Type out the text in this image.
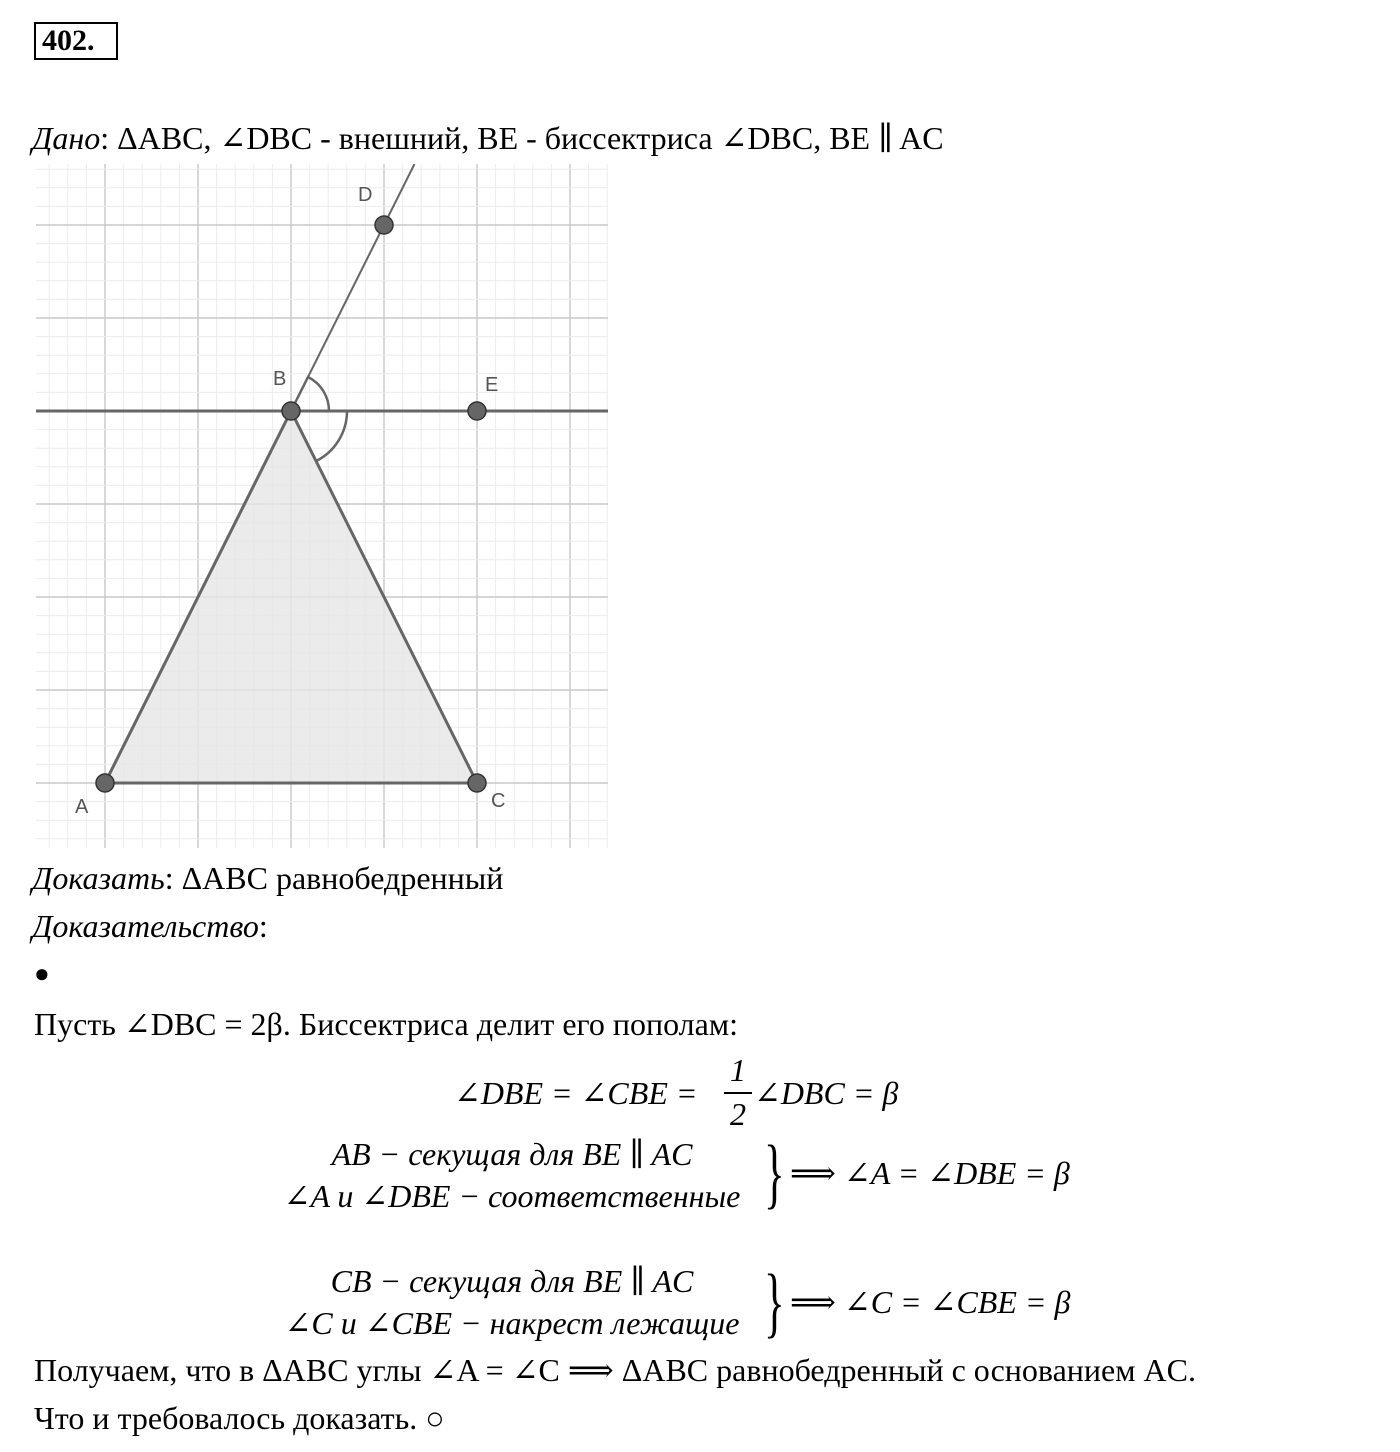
402.
Дано: ΔABC, ∠DBC - внешний, BE - биссектриса ∠DBC, BE ∥ AC
A	C
B
D
E
Доказать: ΔABC равнобедренный
Доказательство:
●
Пусть ∠DBC = 2β. Биссектриса делит его пополам:
∠DBE = ∠CBE =
1
2
∠DBC = β
AB − секущая для BE ∥ AC
∠A и ∠DBE − соответственные } ⟹ ∠A = ∠DBE = β
CB − секущая для BE ∥ AC
∠C и ∠CBE − накрест лежащие } ⟹ ∠C = ∠CBE = β
Получаем, что в ΔABC углы ∠A = ∠C ⟹ ΔABC равнобедренный с основанием AC.
Что и требовалось доказать. ○
